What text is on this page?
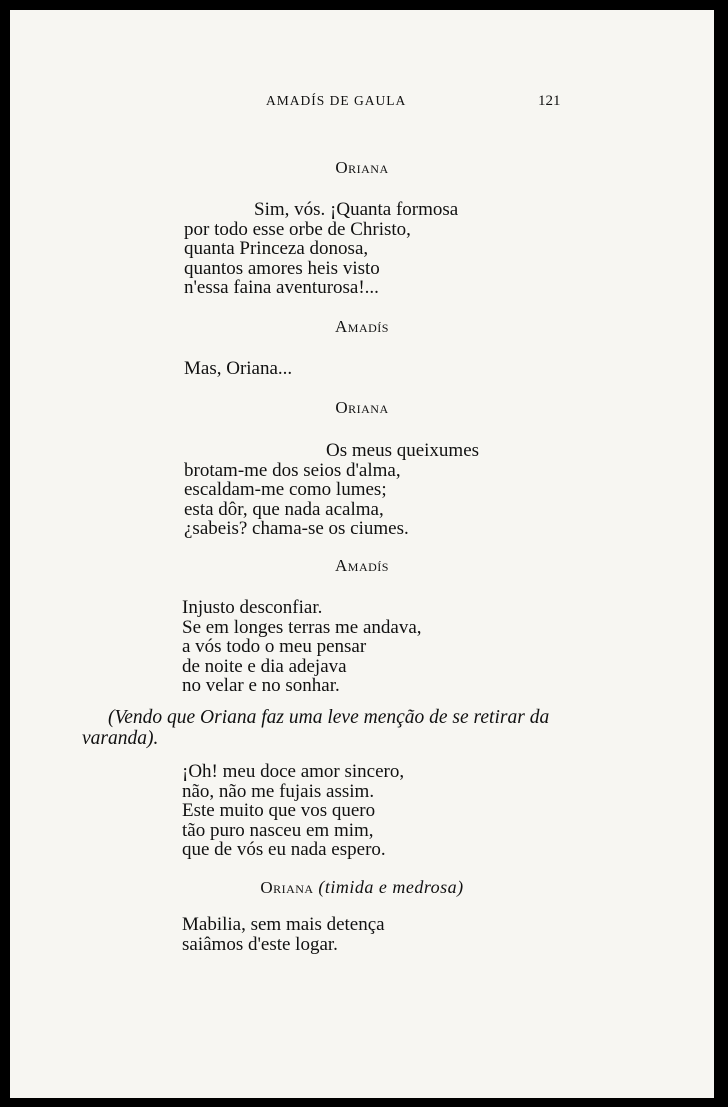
AMADÍS DE GAULA	121
Oriana
Sim, vós. ¡Quanta formosa
por todo esse orbe de Christo,
quanta Princeza donosa,
quantos amores heis visto
n'essa faina aventurosa!...
Amadís
Mas, Oriana...
Oriana
Os meus queixumes
brotam-me dos seios d'alma,
escaldam-me como lumes;
esta dôr, que nada acalma,
¿sabeis? chama-se os ciumes.
Amadís
Injusto desconfiar.
Se em longes terras me andava,
a vós todo o meu pensar
de noite e dia adejava
no velar e no sonhar.
(Vendo que Oriana faz uma leve menção de se retirar da
varanda).
¡Oh! meu doce amor sincero,
não, não me fujais assim.
Este muito que vos quero
tão puro nasceu em mim,
que de vós eu nada espero.
Oriana (timida e medrosa)
Mabilia, sem mais detença
saiâmos d'este logar.
